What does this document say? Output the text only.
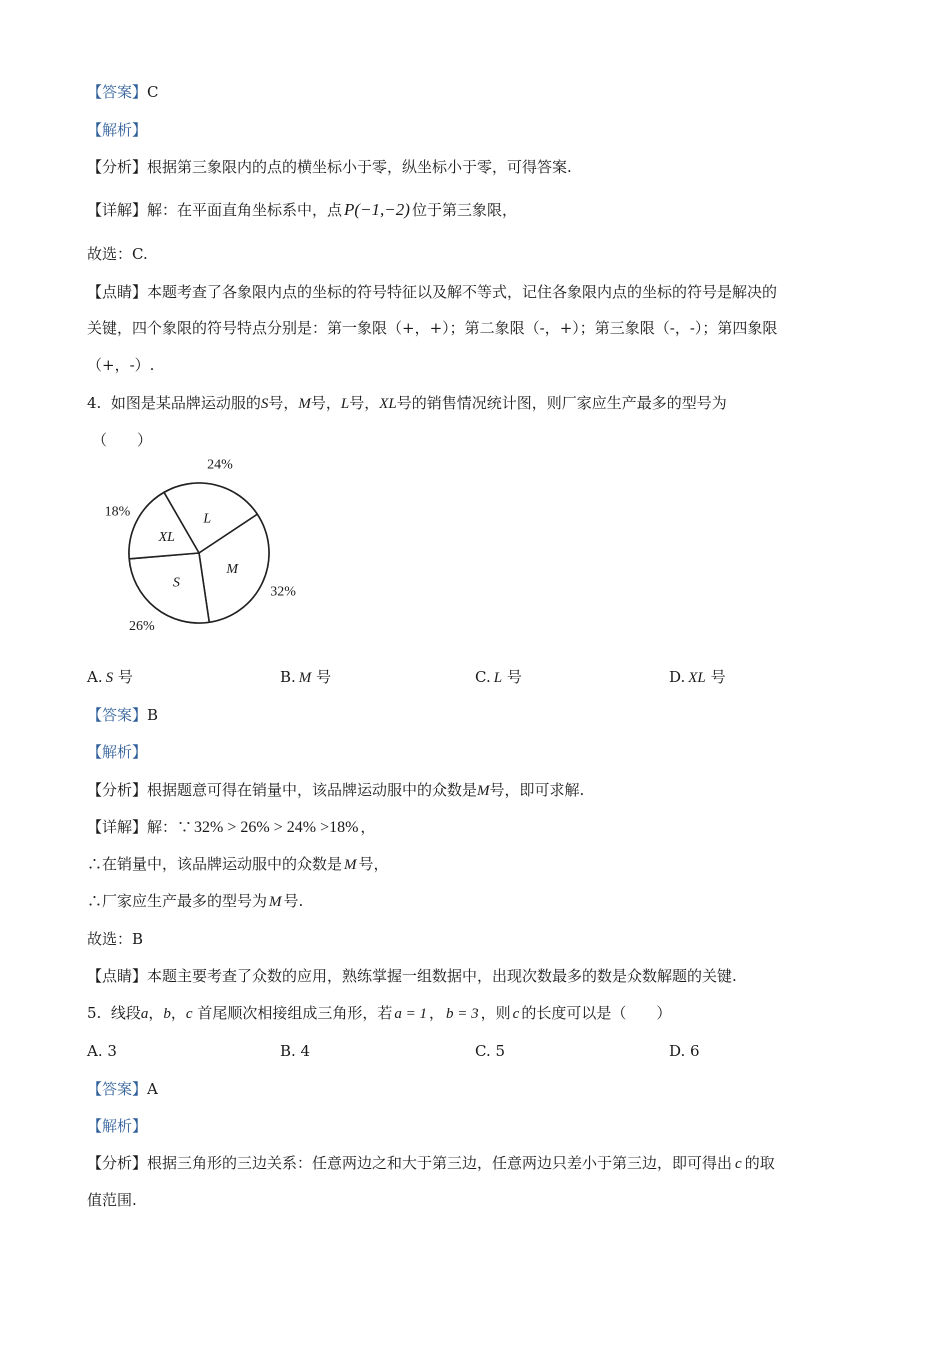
【答案】C
【解析】
【分析】根据第三象限内的点的横坐标小于零，纵坐标小于零，可得答案.
【详解】解：在平面直角坐标系中，点 P(−1,−2) 位于第三象限，
故选：C.
【点睛】本题考查了各象限内点的坐标的符号特征以及解不等式，记住各象限内点的坐标的符号是解决的
关键，四个象限的符号特点分别是：第一象限（+，+）；第二象限（-，+）；第三象限（-，-）；第四象限
（+，-）.
4. 如图是某品牌运动服的S号，M号，L号，XL号的销售情况统计图，则厂家应生产最多的型号为
（　　）
L
24%
M
32%
S
26%
XL
18%
A. S 号	B. M 号	C. L 号	D. XL 号
【答案】B
【解析】
【分析】根据题意可得在销量中，该品牌运动服中的众数是M号，即可求解.
【详解】解：∵ 32% > 26% > 24% >18% ，
∴在销量中，该品牌运动服中的众数是 M 号，
∴厂家应生产最多的型号为 M 号.
故选：B
【点睛】本题主要考查了众数的应用，熟练掌握一组数据中，出现次数最多的数是众数解题的关键.
5. 线段a，b，c 首尾顺次相接组成三角形，若 a = 1 ， b = 3 ，则 c 的长度可以是（　　）
A. 3	B. 4	C. 5	D. 6
【答案】A
【解析】
【分析】根据三角形的三边关系：任意两边之和大于第三边，任意两边只差小于第三边，即可得出 c 的取
值范围.
